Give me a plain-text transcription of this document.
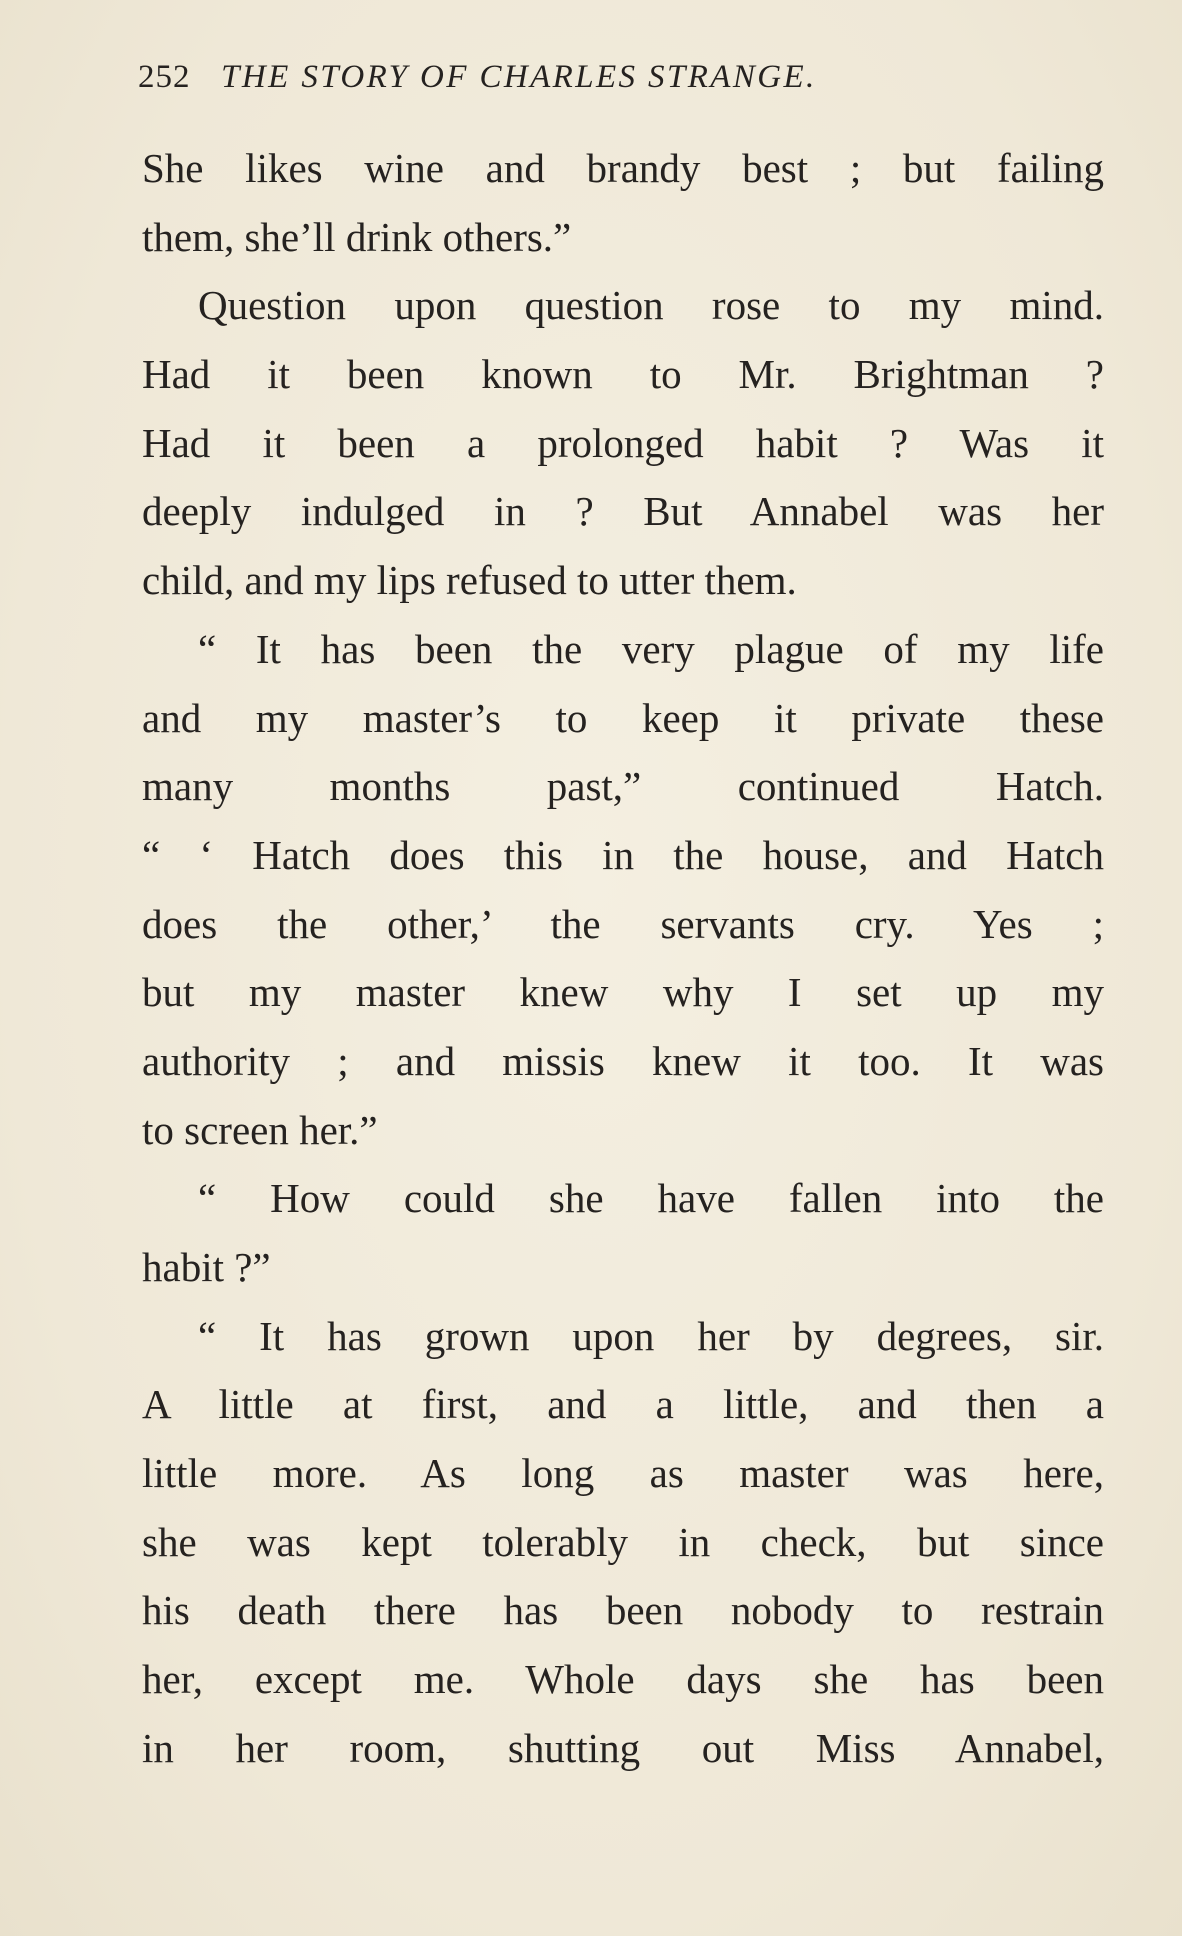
252 THE STORY OF CHARLES STRANGE.
She likes wine and brandy best ; but failing
them, she’ll drink others.”
Question upon question rose to my mind.
Had it been known to Mr. Brightman ?
Had it been a prolonged habit ? Was it
deeply indulged in ? But Annabel was her
child, and my lips refused to utter them.
“ It has been the very plague of my life
and my master’s to keep it private these
many months past,” continued Hatch.
“ ‘ Hatch does this in the house, and Hatch
does the other,’ the servants cry. Yes ;
but my master knew why I set up my
authority ; and missis knew it too. It was
to screen her.”
“ How could she have fallen into the
habit ?”
“ It has grown upon her by degrees, sir.
A little at first, and a little, and then a
little more. As long as master was here,
she was kept tolerably in check, but since
his death there has been nobody to restrain
her, except me. Whole days she has been
in her room, shutting out Miss Annabel,
